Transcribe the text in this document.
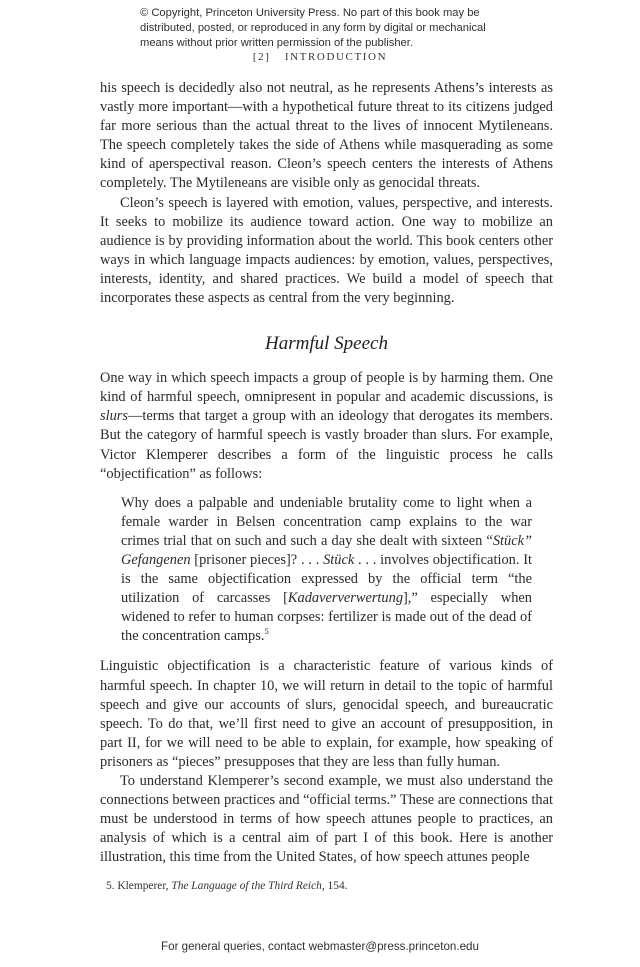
© Copyright, Princeton University Press. No part of this book may be distributed, posted, or reproduced in any form by digital or mechanical means without prior written permission of the publisher.
[2] INTRODUCTION

his speech is decidedly also not neutral, as he represents Athens’s interests as vastly more important—with a hypothetical future threat to its citizens judged far more serious than the actual threat to the lives of innocent Mytileneans. The speech completely takes the side of Athens while masquerading as some kind of aperspectival reason. Cleon’s speech centers the interests of Athens completely. The Mytileneans are visible only as genocidal threats.

Cleon’s speech is layered with emotion, values, perspective, and interests. It seeks to mobilize its audience toward action. One way to mobilize an audience is by providing information about the world. This book centers other ways in which language impacts audiences: by emotion, values, perspectives, interests, identity, and shared practices. We build a model of speech that incorporates these aspects as central from the very beginning.

Harmful Speech

One way in which speech impacts a group of people is by harming them. One kind of harmful speech, omnipresent in popular and academic discussions, is slurs—terms that target a group with an ideology that derogates its members. But the category of harmful speech is vastly broader than slurs. For example, Victor Klemperer describes a form of the linguistic process he calls “objectification” as follows:

Why does a palpable and undeniable brutality come to light when a female warder in Belsen concentration camp explains to the war crimes trial that on such and such a day she dealt with sixteen “Stück” Gefangenen [prisoner pieces]? . . . Stück . . . involves objectification. It is the same objectification expressed by the official term “the utilization of carcasses [Kadaververwertung],” especially when widened to refer to human corpses: fertilizer is made out of the dead of the concentration camps.$^5$

Linguistic objectification is a characteristic feature of various kinds of harmful speech. In chapter 10, we will return in detail to the topic of harmful speech and give our accounts of slurs, genocidal speech, and bureaucratic speech. To do that, we’ll first need to give an account of presupposition, in part II, for we will need to be able to explain, for example, how speaking of prisoners as “pieces” presupposes that they are less than fully human.

To understand Klemperer’s second example, we must also understand the connections between practices and “official terms.” These are connections that must be understood in terms of how speech attunes people to practices, an analysis of which is a central aim of part I of this book. Here is another illustration, this time from the United States, of how speech attunes people

5. Klemperer, The Language of the Third Reich, 154.
For general queries, contact webmaster@press.princeton.edu
